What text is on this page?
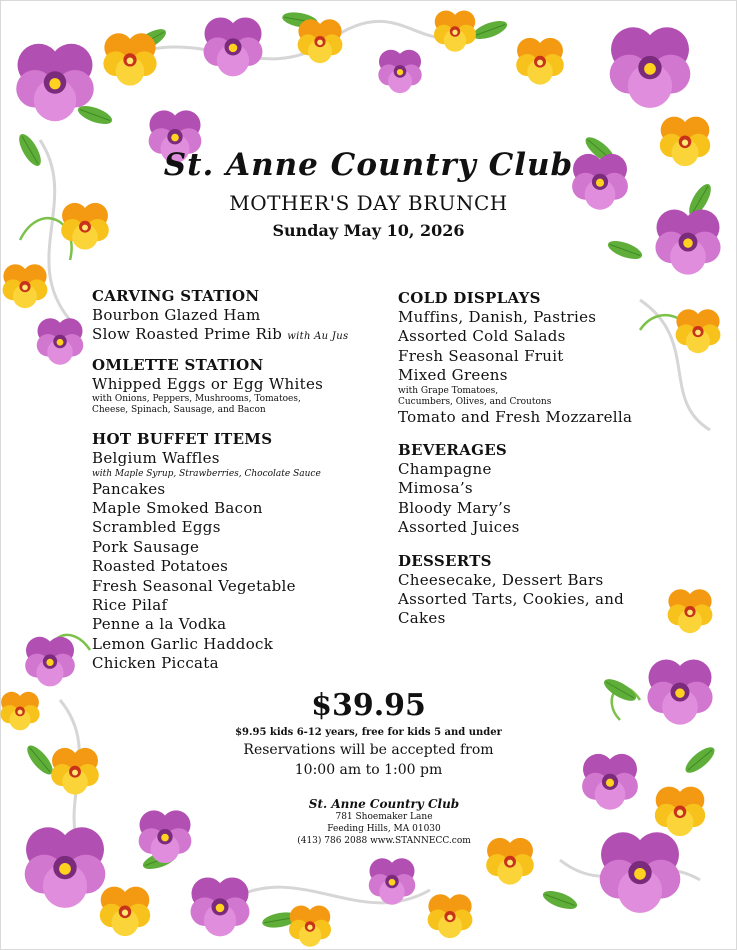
St. Anne Country Club
MOTHER'S DAY BRUNCH
Sunday May 10, 2026
CARVING STATION
Bourbon Glazed Ham
Slow Roasted Prime Rib with Au Jus
OMLETTE STATION
Whipped Eggs or Egg Whites
with Onions, Peppers, Mushrooms, Tomatoes,
Cheese, Spinach, Sausage, and Bacon
HOT BUFFET ITEMS
Belgium Waffles
with Maple Syrup, Strawberries, Chocolate Sauce
Pancakes
Maple Smoked Bacon
Scrambled Eggs
Pork Sausage
Roasted Potatoes
Fresh Seasonal Vegetable
Rice Pilaf
Penne a la Vodka
Lemon Garlic Haddock
Chicken Piccata
COLD DISPLAYS
Muffins, Danish, Pastries
Assorted Cold Salads
Fresh Seasonal Fruit
Mixed Greens
with Grape Tomatoes,
Cucumbers, Olives, and Croutons
Tomato and Fresh Mozzarella
BEVERAGES
Champagne
Mimosa’s
Bloody Mary’s
Assorted Juices
DESSERTS
Cheesecake, Dessert Bars
Assorted Tarts, Cookies, and Cakes
$39.95
$9.95 kids 6-12 years, free for kids 5 and under
Reservations will be accepted from
10:00 am to 1:00 pm
St. Anne Country Club
781 Shoemaker Lane
Feeding Hills, MA 01030
(413) 786 2088 www.STANNECC.com
